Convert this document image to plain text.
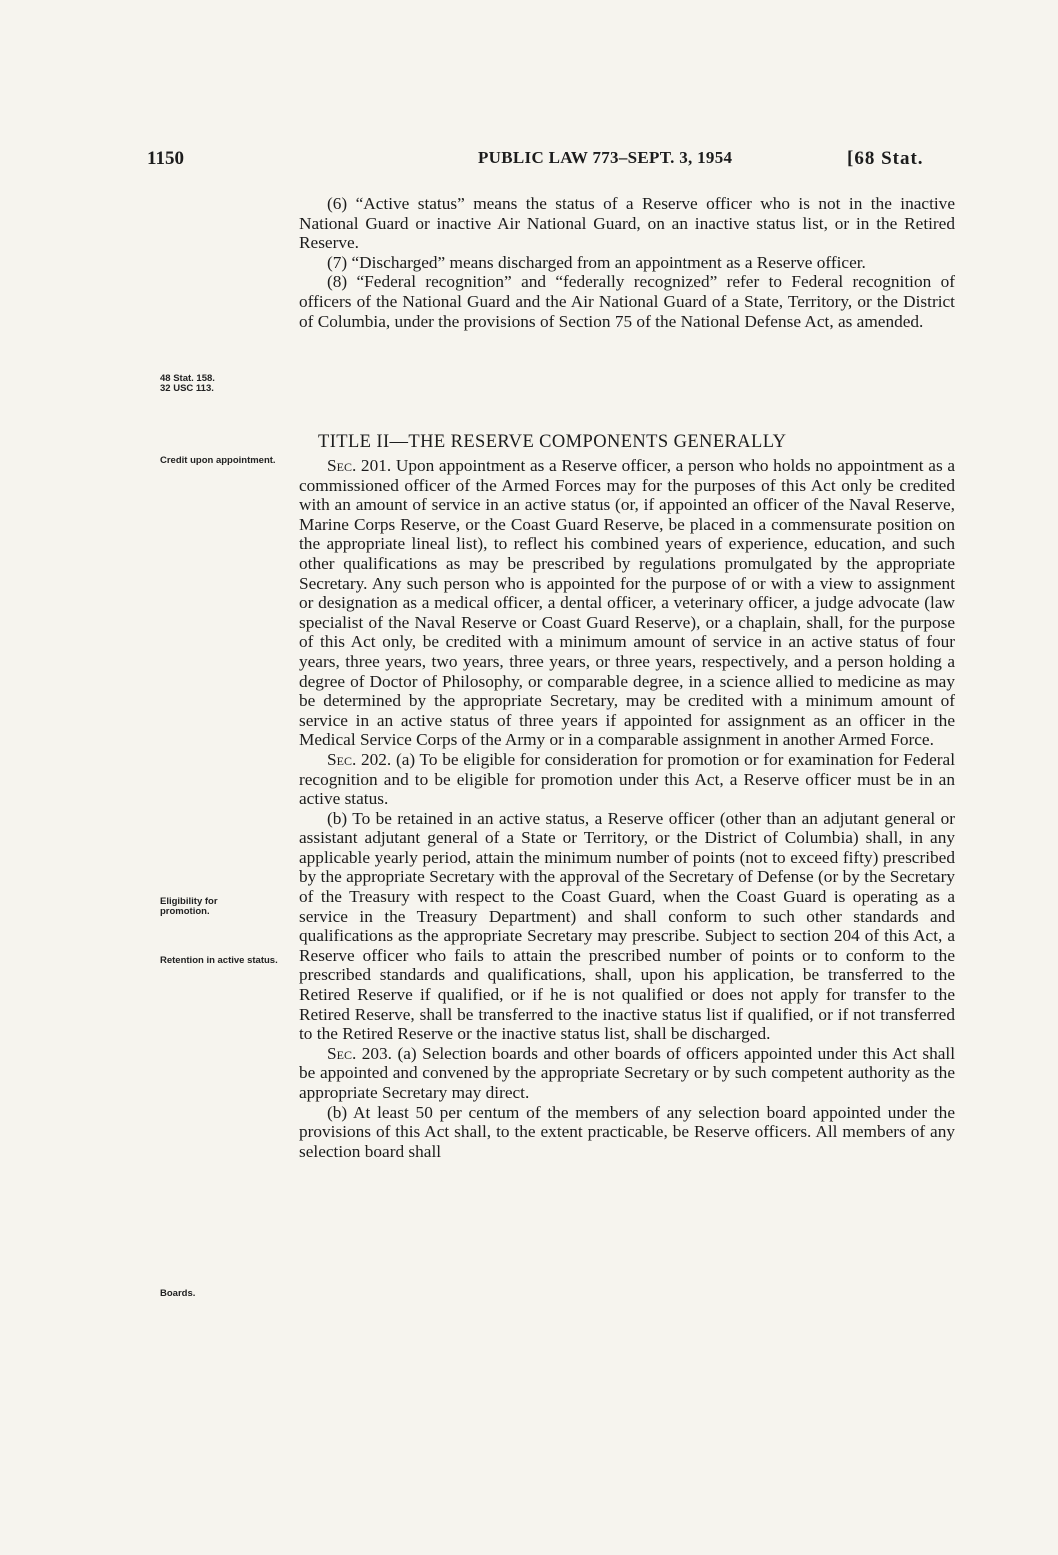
1150	PUBLIC LAW 773–SEPT. 3, 1954	[68 Stat.
48 Stat. 158.
32 USC 113.
Credit upon appointment.
Eligibility for promotion.
Retention in active status.
Boards.

(6) “Active status” means the status of a Reserve officer who is not in the inactive National Guard or inactive Air National Guard, on an inactive status list, or in the Retired Reserve.

(7) “Discharged” means discharged from an appointment as a Reserve officer.

(8) “Federal recognition” and “federally recognized” refer to Federal recognition of officers of the National Guard and the Air National Guard of a State, Territory, or the District of Columbia, under the provisions of Section 75 of the National Defense Act, as amended.

TITLE II—THE RESERVE COMPONENTS GENERALLY

Sec. 201. Upon appointment as a Reserve officer, a person who holds no appointment as a commissioned officer of the Armed Forces may for the purposes of this Act only be credited with an amount of service in an active status (or, if appointed an officer of the Naval Reserve, Marine Corps Reserve, or the Coast Guard Reserve, be placed in a commensurate position on the appropriate lineal list), to reflect his combined years of experience, education, and such other qualifications as may be prescribed by regulations promulgated by the appropriate Secretary. Any such person who is appointed for the purpose of or with a view to assignment or designation as a medical officer, a dental officer, a veterinary officer, a judge advocate (law specialist of the Naval Reserve or Coast Guard Reserve), or a chaplain, shall, for the purpose of this Act only, be credited with a minimum amount of service in an active status of four years, three years, two years, three years, or three years, respectively, and a person holding a degree of Doctor of Philosophy, or comparable degree, in a science allied to medicine as may be determined by the appropriate Secretary, may be credited with a minimum amount of service in an active status of three years if appointed for assignment as an officer in the Medical Service Corps of the Army or in a comparable assignment in another Armed Force.

Sec. 202. (a) To be eligible for consideration for promotion or for examination for Federal recognition and to be eligible for promotion under this Act, a Reserve officer must be in an active status.

(b) To be retained in an active status, a Reserve officer (other than an adjutant general or assistant adjutant general of a State or Territory, or the District of Columbia) shall, in any applicable yearly period, attain the minimum number of points (not to exceed fifty) prescribed by the appropriate Secretary with the approval of the Secretary of Defense (or by the Secretary of the Treasury with respect to the Coast Guard, when the Coast Guard is operating as a service in the Treasury Department) and shall conform to such other standards and qualifications as the appropriate Secretary may prescribe. Subject to section 204 of this Act, a Reserve officer who fails to attain the prescribed number of points or to conform to the prescribed standards and qualifications, shall, upon his application, be transferred to the Retired Reserve if qualified, or if he is not qualified or does not apply for transfer to the Retired Reserve, shall be transferred to the inactive status list if qualified, or if not transferred to the Retired Reserve or the inactive status list, shall be discharged.

Sec. 203. (a) Selection boards and other boards of officers appointed under this Act shall be appointed and convened by the appropriate Secretary or by such competent authority as the appropriate Secretary may direct.

(b) At least 50 per centum of the members of any selection board appointed under the provisions of this Act shall, to the extent practicable, be Reserve officers. All members of any selection board shall
